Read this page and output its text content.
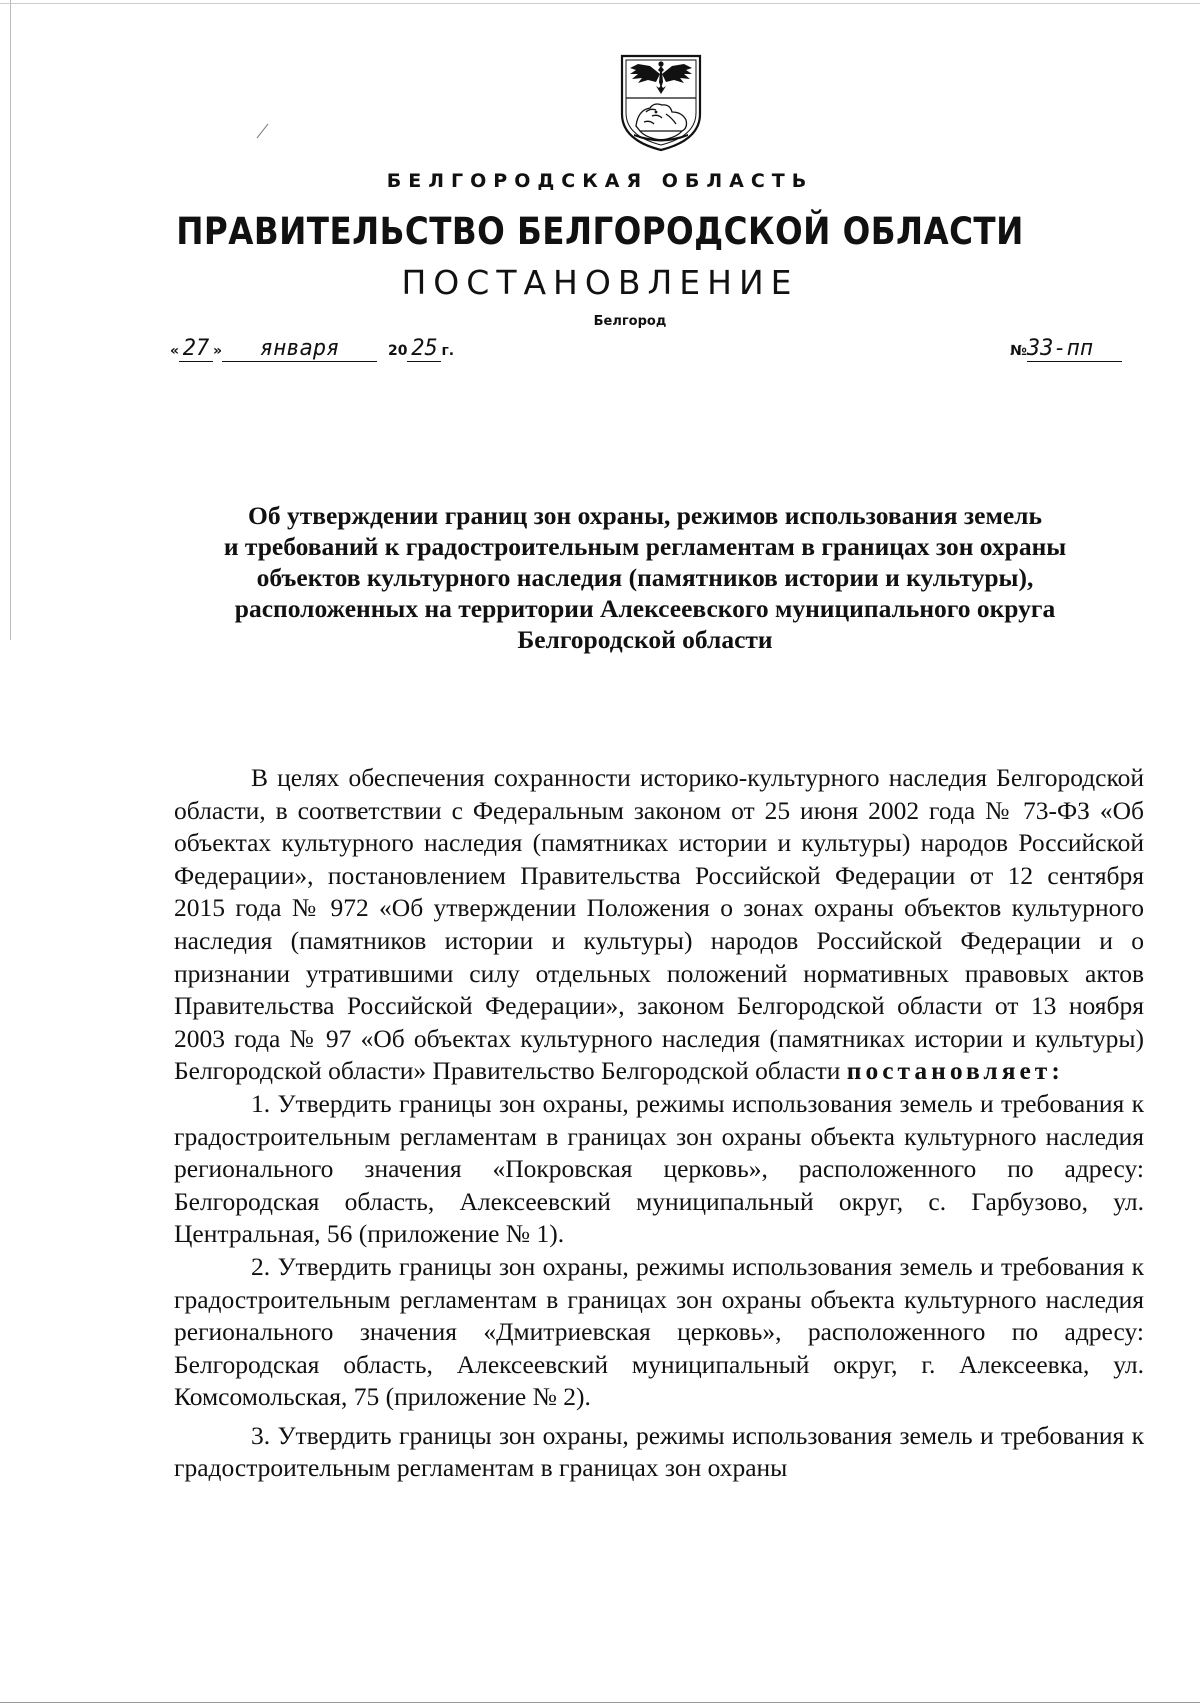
БЕЛГОРОДСКАЯ ОБЛАСТЬ
ПРАВИТЕЛЬСТВО БЕЛГОРОДСКОЙ ОБЛАСТИ
ПОСТАНОВЛЕНИЕ
Белгород
« 27 » января	20 25 г.	№33-пп
Об утверждении границ зон охраны, режимов использования земель
и требований к градостроительным регламентам в границах зон охраны
объектов культурного наследия (памятников истории и культуры),
расположенных на территории Алексеевского муниципального округа
Белгородской области

В целях обеспечения сохранности историко-культурного наследия Белгородской области, в соответствии с Федеральным законом от 25 июня 2002 года № 73-ФЗ «Об объектах культурного наследия (памятниках истории и культуры) народов Российской Федерации», постановлением Правительства Российской Федерации от 12 сентября 2015 года № 972 «Об утверждении Положения о зонах охраны объектов культурного наследия (памятников истории и культуры) народов Российской Федерации и о признании утратившими силу отдельных положений нормативных правовых актов Правительства Российской Федерации», законом Белгородской области от 13 ноября 2003 года № 97 «Об объектах культурного наследия (памятниках истории и культуры) Белгородской области» Правительство Белгородской области постановляет:

1. Утвердить границы зон охраны, режимы использования земель и требования к градостроительным регламентам в границах зон охраны объекта культурного наследия регионального значения «Покровская церковь», расположенного по адресу: Белгородская область, Алексеевский муниципальный округ, с. Гарбузово, ул. Центральная, 56 (приложение № 1).

2. Утвердить границы зон охраны, режимы использования земель и требования к градостроительным регламентам в границах зон охраны объекта культурного наследия регионального значения «Дмитриевская церковь», расположенного по адресу: Белгородская область, Алексеевский муниципальный округ, г. Алексеевка, ул. Комсомольская, 75 (приложение № 2).

3. Утвердить границы зон охраны, режимы использования земель и требования к градостроительным регламентам в границах зон охраны
